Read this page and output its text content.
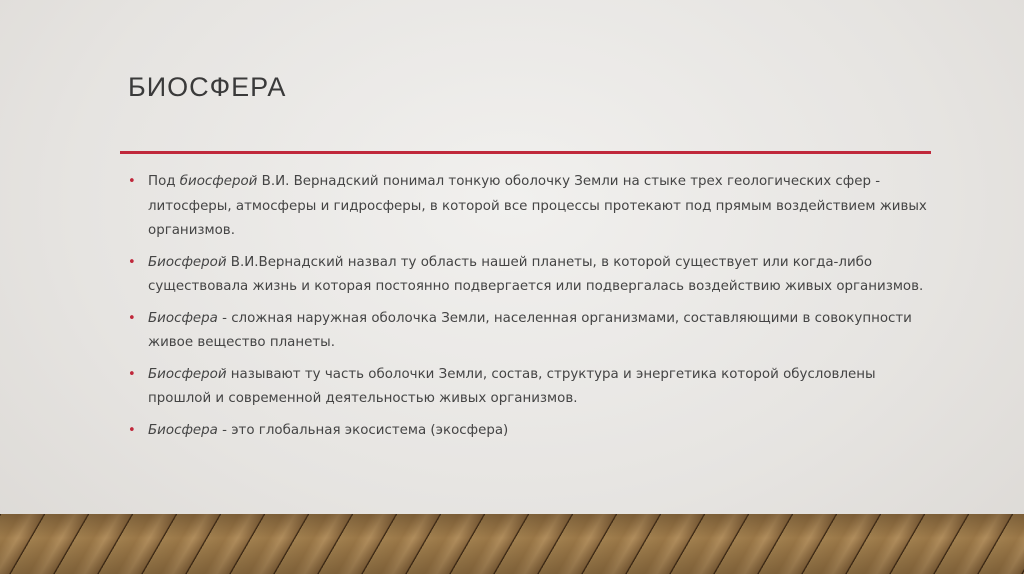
БИОСФЕРА
• Под биосферой В.И. Вернадский понимал тонкую оболочку Земли на стыке трех геологических сфер - литосферы, атмосферы и гидросферы, в которой все процессы протекают под прямым воздействием живых организмов.
• Биосферой В.И.Вернадский назвал ту область нашей планеты, в которой существует или когда-либо существовала жизнь и которая постоянно подвергается или подвергалась воздействию живых организмов.
• Биосфера - сложная наружная оболочка Земли, населенная организмами, составляющими в совокупности живое вещество планеты.
• Биосферой называют ту часть оболочки Земли, состав, структура и энергетика которой обусловлены прошлой и современной деятельностью живых организмов.
• Биосфера - это глобальная экосистема (экосфера)
